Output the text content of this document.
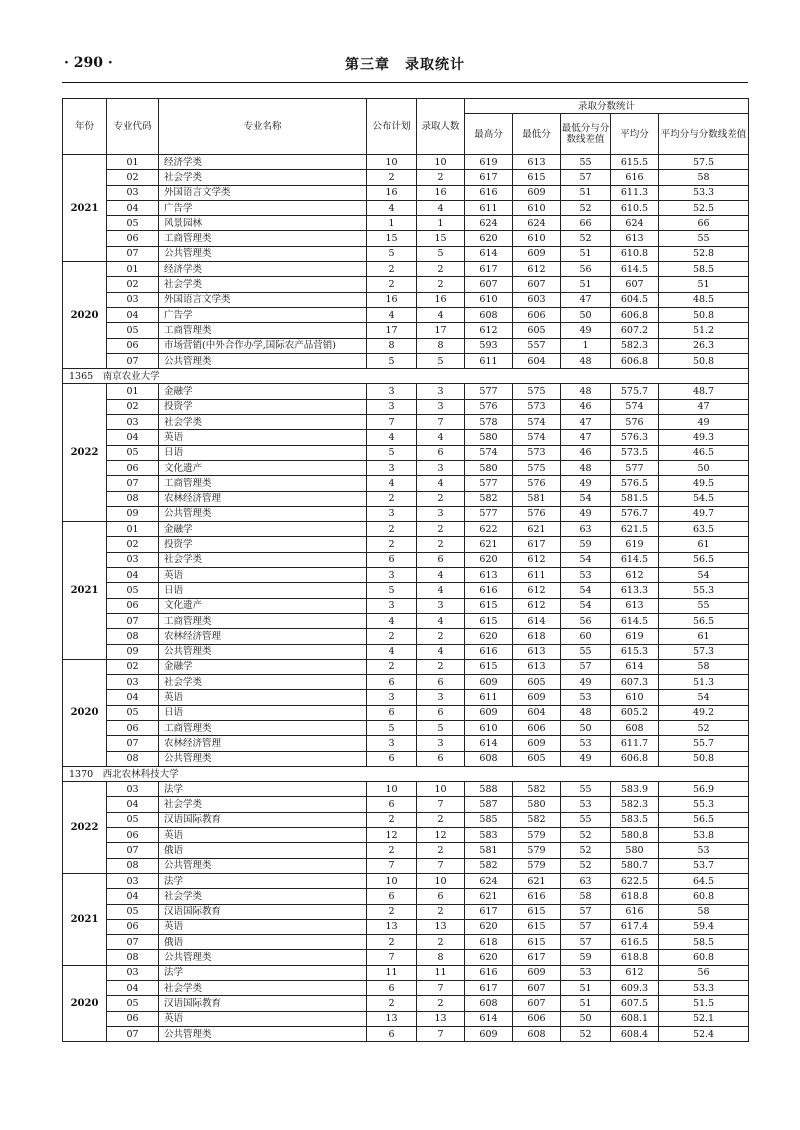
· 290 ·	第三章　录取统计
年份	专业代码	专业名称	公布计划	录取人数	录取分数统计				
					最高分	最低分	最低分与分数线差值	平均分	平均分与分数线差值
2021	01	经济学类	10	10	619	613	55	615.5	57.5
	02	社会学类	2	2	617	615	57	616	58
	03	外国语言文学类	16	16	616	609	51	611.3	53.3
	04	广告学	4	4	611	610	52	610.5	52.5
	05	风景园林	1	1	624	624	66	624	66
	06	工商管理类	15	15	620	610	52	613	55
	07	公共管理类	5	5	614	609	51	610.8	52.8
2020	01	经济学类	2	2	617	612	56	614.5	58.5
	02	社会学类	2	2	607	607	51	607	51
	03	外国语言文学类	16	16	610	603	47	604.5	48.5
	04	广告学	4	4	608	606	50	606.8	50.8
	05	工商管理类	17	17	612	605	49	607.2	51.2
	06	市场营销(中外合作办学,国际农产品营销)	8	8	593	557	1	582.3	26.3
	07	公共管理类	5	5	611	604	48	606.8	50.8
1365　南京农业大学									
2022	01	金融学	3	3	577	575	48	575.7	48.7
	02	投资学	3	3	576	573	46	574	47
	03	社会学类	7	7	578	574	47	576	49
	04	英语	4	4	580	574	47	576.3	49.3
	05	日语	5	6	574	573	46	573.5	46.5
	06	文化遗产	3	3	580	575	48	577	50
	07	工商管理类	4	4	577	576	49	576.5	49.5
	08	农林经济管理	2	2	582	581	54	581.5	54.5
	09	公共管理类	3	3	577	576	49	576.7	49.7
2021	01	金融学	2	2	622	621	63	621.5	63.5
	02	投资学	2	2	621	617	59	619	61
	03	社会学类	6	6	620	612	54	614.5	56.5
	04	英语	3	4	613	611	53	612	54
	05	日语	5	4	616	612	54	613.3	55.3
	06	文化遗产	3	3	615	612	54	613	55
	07	工商管理类	4	4	615	614	56	614.5	56.5
	08	农林经济管理	2	2	620	618	60	619	61
	09	公共管理类	4	4	616	613	55	615.3	57.3
2020	02	金融学	2	2	615	613	57	614	58
	03	社会学类	6	6	609	605	49	607.3	51.3
	04	英语	3	3	611	609	53	610	54
	05	日语	6	6	609	604	48	605.2	49.2
	06	工商管理类	5	5	610	606	50	608	52
	07	农林经济管理	3	3	614	609	53	611.7	55.7
	08	公共管理类	6	6	608	605	49	606.8	50.8
1370　西北农林科技大学									
2022	03	法学	10	10	588	582	55	583.9	56.9
	04	社会学类	6	7	587	580	53	582.3	55.3
	05	汉语国际教育	2	2	585	582	55	583.5	56.5
	06	英语	12	12	583	579	52	580.8	53.8
	07	俄语	2	2	581	579	52	580	53
	08	公共管理类	7	7	582	579	52	580.7	53.7
2021	03	法学	10	10	624	621	63	622.5	64.5
	04	社会学类	6	6	621	616	58	618.8	60.8
	05	汉语国际教育	2	2	617	615	57	616	58
	06	英语	13	13	620	615	57	617.4	59.4
	07	俄语	2	2	618	615	57	616.5	58.5
	08	公共管理类	7	8	620	617	59	618.8	60.8
2020	03	法学	11	11	616	609	53	612	56
	04	社会学类	6	7	617	607	51	609.3	53.3
	05	汉语国际教育	2	2	608	607	51	607.5	51.5
	06	英语	13	13	614	606	50	608.1	52.1
	07	公共管理类	6	7	609	608	52	608.4	52.4
